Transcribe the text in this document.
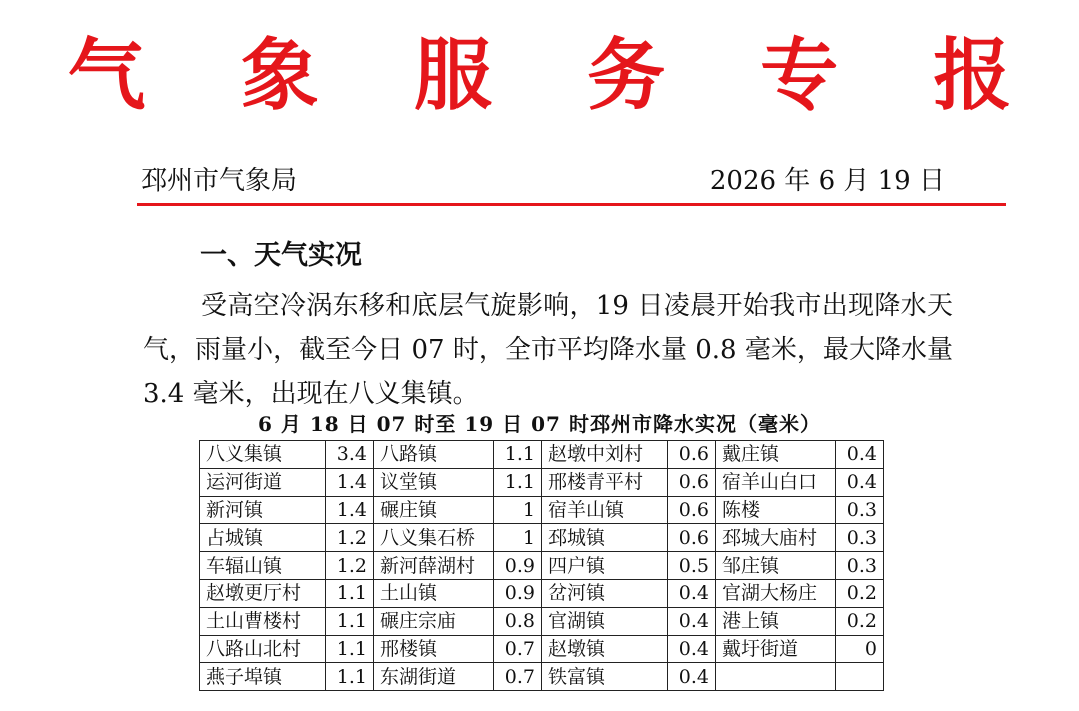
气 象 服 务 专 报
邳州市气象局	2026 年 6 月 19 日
一、天气实况
受高空冷涡东移和底层气旋影响，19 日凌晨开始我市出现降水天气，雨量小，截至今日 07 时，全市平均降水量 0.8 毫米，最大降水量 3.4 毫米，出现在八义集镇。
6 月 18 日 07 时至 19 日 07 时邳州市降水实况（毫米）
八义集镇	3.4	八路镇	1.1	赵墩中刘村	0.6	戴庄镇	0.4
运河街道	1.4	议堂镇	1.1	邢楼青平村	0.6	宿羊山白口	0.4
新河镇	1.4	碾庄镇	1	宿羊山镇	0.6	陈楼	0.3
占城镇	1.2	八义集石桥	1	邳城镇	0.6	邳城大庙村	0.3
车辐山镇	1.2	新河薛湖村	0.9	四户镇	0.5	邹庄镇	0.3
赵墩更厅村	1.1	土山镇	0.9	岔河镇	0.4	官湖大杨庄	0.2
土山曹楼村	1.1	碾庄宗庙	0.8	官湖镇	0.4	港上镇	0.2
八路山北村	1.1	邢楼镇	0.7	赵墩镇	0.4	戴圩街道	0
燕子埠镇	1.1	东湖街道	0.7	铁富镇	0.4		
